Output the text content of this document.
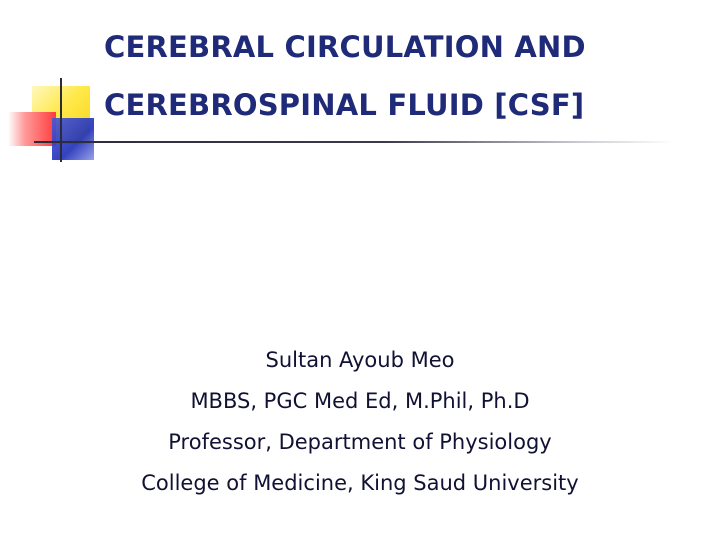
CEREBRAL CIRCULATION AND
CEREBROSPINAL FLUID [CSF]
Sultan Ayoub Meo
MBBS, PGC Med Ed, M.Phil, Ph.D
Professor, Department of Physiology
College of Medicine, King Saud University
